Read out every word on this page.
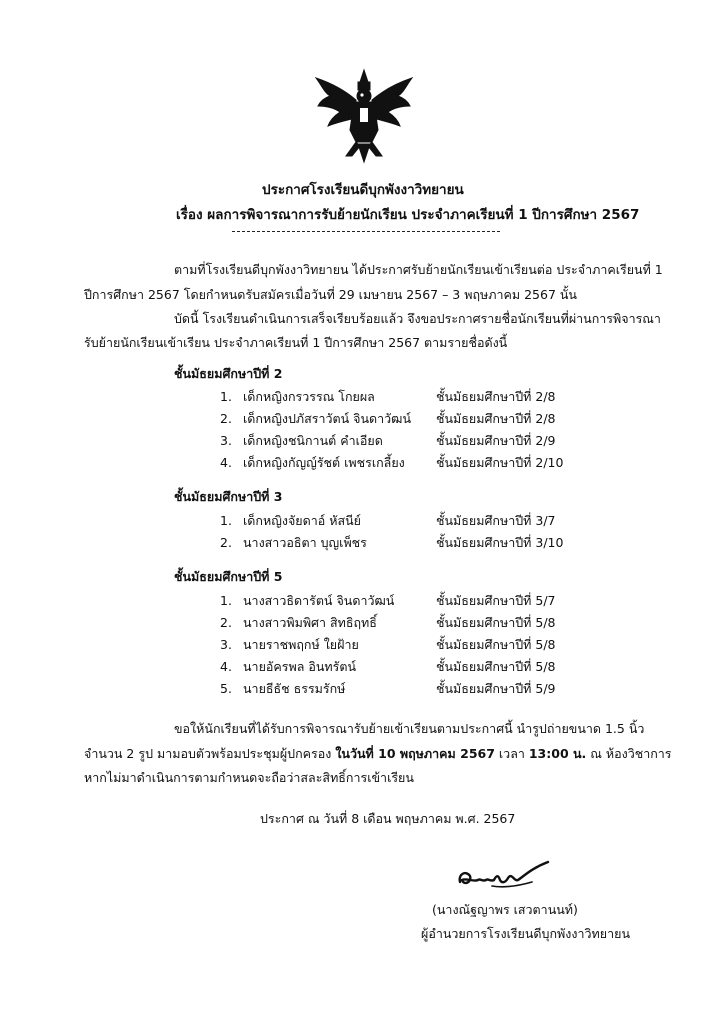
ประกาศโรงเรียนดีบุกพังงาวิทยายน
เรื่อง ผลการพิจารณาการรับย้ายนักเรียน ประจำภาคเรียนที่ 1 ปีการศึกษา 2567
ตามที่โรงเรียนดีบุกพังงาวิทยายน ได้ประกาศรับย้ายนักเรียนเข้าเรียนต่อ ประจำภาคเรียนที่ 1
ปีการศึกษา 2567 โดยกำหนดรับสมัครเมื่อวันที่ 29 เมษายน 2567 – 3 พฤษภาคม 2567 นั้น
บัดนี้ โรงเรียนดำเนินการเสร็จเรียบร้อยแล้ว จึงขอประกาศรายชื่อนักเรียนที่ผ่านการพิจารณา
รับย้ายนักเรียนเข้าเรียน ประจำภาคเรียนที่ 1 ปีการศึกษา 2567 ตามรายชื่อดังนี้
ชั้นมัธยมศึกษาปีที่ 2
1. เด็กหญิงกรวรรณ โกยผล	ชั้นมัธยมศึกษาปีที่ 2/8
2. เด็กหญิงปภัสราวัตน์ จินดาวัฒน์ ชั้นมัธยมศึกษาปีที่ 2/8
3. เด็กหญิงชนิกานต์ คำเอียด	ชั้นมัธยมศึกษาปีที่ 2/9
4. เด็กหญิงกัญญ์รัชต์ เพชรเกลี้ยง	ชั้นมัธยมศึกษาปีที่ 2/10
ชั้นมัธยมศึกษาปีที่ 3
1. เด็กหญิงจัยดาอ์ หัสนีย์	ชั้นมัธยมศึกษาปีที่ 3/7
2. นางสาวอธิตา บุญเพ็ชร	ชั้นมัธยมศึกษาปีที่ 3/10
ชั้นมัธยมศึกษาปีที่ 5
1. นางสาวธิดารัตน์ จินดาวัฒน์	ชั้นมัธยมศึกษาปีที่ 5/7
2. นางสาวพิมพิศา สิทธิฤทธิ์	ชั้นมัธยมศึกษาปีที่ 5/8
3. นายราชพฤกษ์ ใยฝ้าย	ชั้นมัธยมศึกษาปีที่ 5/8
4. นายอัครพล อินทรัตน์	ชั้นมัธยมศึกษาปีที่ 5/8
5. นายธีธัช ธรรมรักษ์	ชั้นมัธยมศึกษาปีที่ 5/9
ขอให้นักเรียนที่ได้รับการพิจารณารับย้ายเข้าเรียนตามประกาศนี้ นำรูปถ่ายขนาด 1.5 นิ้ว
จำนวน 2 รูป มามอบตัวพร้อมประชุมผู้ปกครอง ในวันที่ 10 พฤษภาคม 2567 เวลา 13:00 น. ณ ห้องวิชาการ
หากไม่มาดำเนินการตามกำหนดจะถือว่าสละสิทธิ์การเข้าเรียน
ประกาศ ณ วันที่ 8 เดือน พฤษภาคม พ.ศ. 2567
(นางณัฐญาพร เสวตานนท์)
ผู้อำนวยการโรงเรียนดีบุกพังงาวิทยายน
